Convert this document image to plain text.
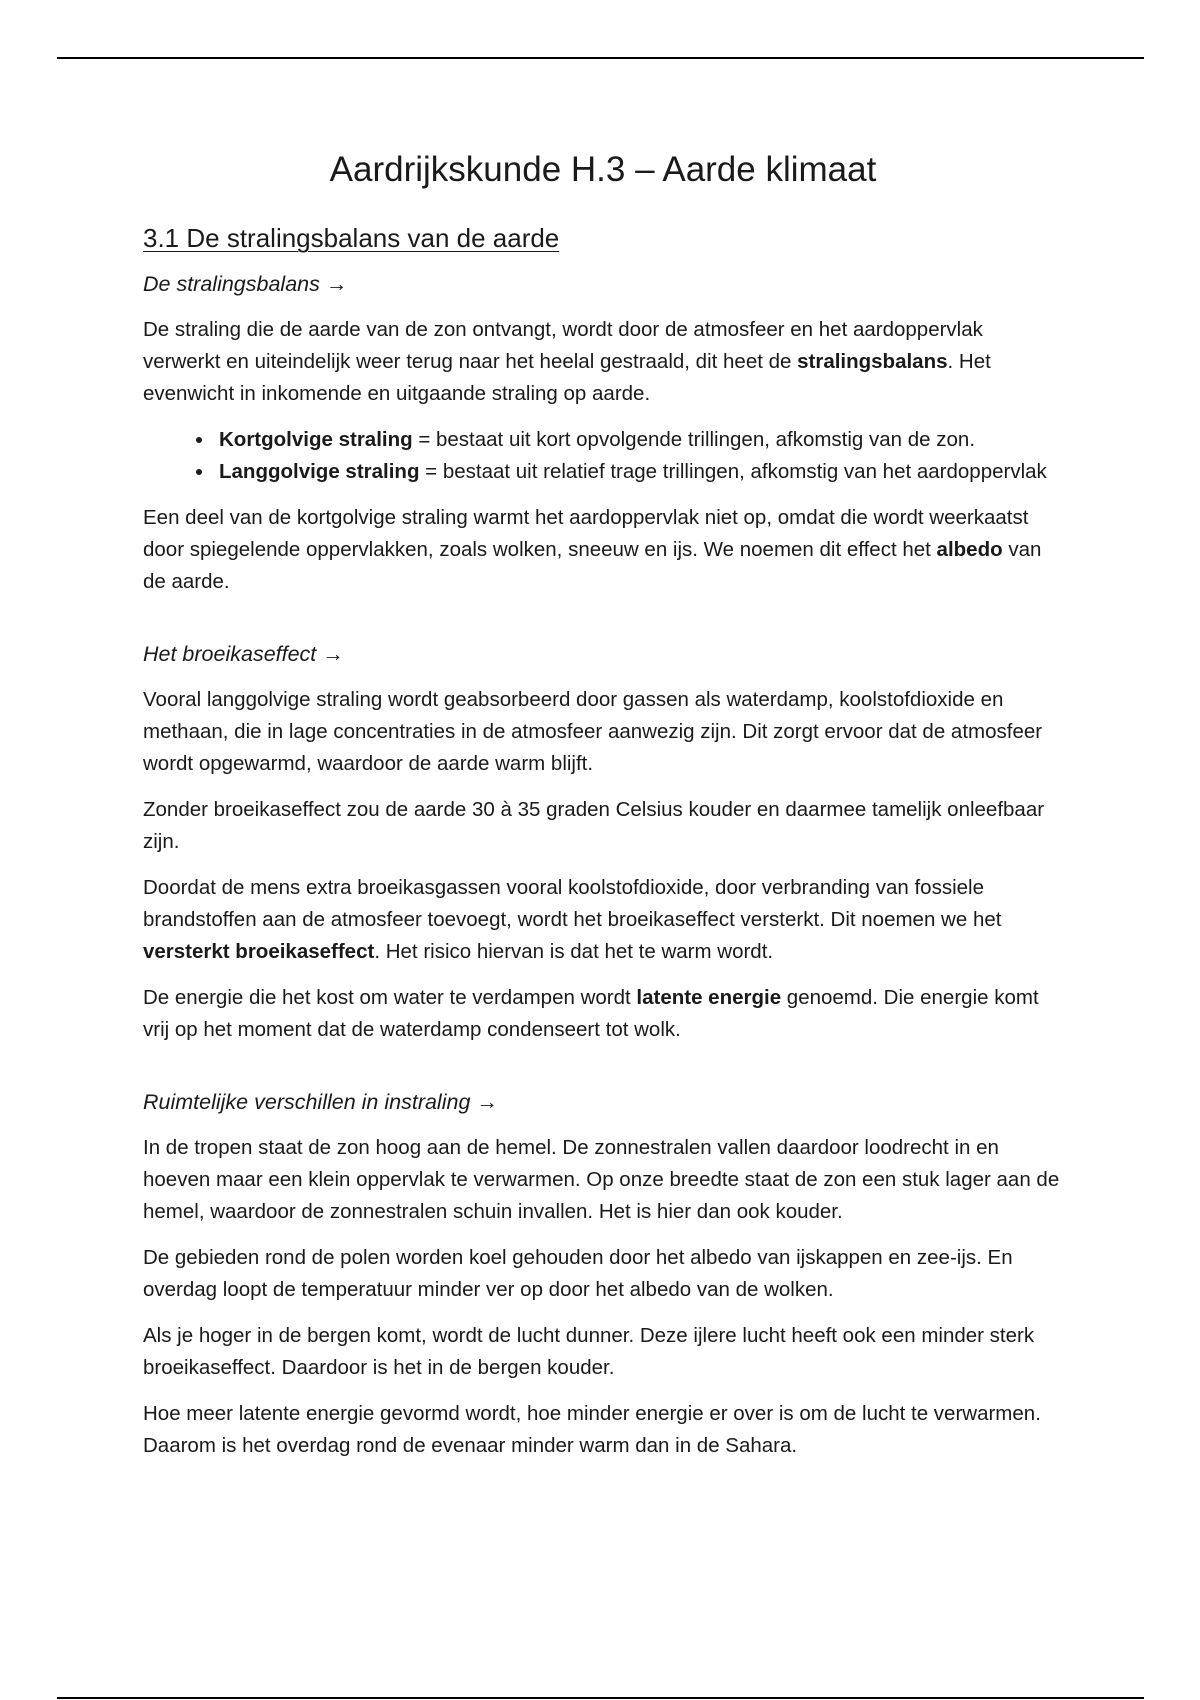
Aardrijkskunde H.3 – Aarde klimaat
3.1 De stralingsbalans van de aarde
De stralingsbalans →

De straling die de aarde van de zon ontvangt, wordt door de atmosfeer en het aardoppervlak verwerkt en uiteindelijk weer terug naar het heelal gestraald, dit heet de stralingsbalans. Het evenwicht in inkomende en uitgaande straling op aarde.

• Kortgolvige straling = bestaat uit kort opvolgende trillingen, afkomstig van de zon.
• Langgolvige straling = bestaat uit relatief trage trillingen, afkomstig van het aardoppervlak

Een deel van de kortgolvige straling warmt het aardoppervlak niet op, omdat die wordt weerkaatst door spiegelende oppervlakken, zoals wolken, sneeuw en ijs. We noemen dit effect het albedo van de aarde.

Het broeikaseffect →

Vooral langgolvige straling wordt geabsorbeerd door gassen als waterdamp, koolstofdioxide en methaan, die in lage concentraties in de atmosfeer aanwezig zijn. Dit zorgt ervoor dat de atmosfeer wordt opgewarmd, waardoor de aarde warm blijft.

Zonder broeikaseffect zou de aarde 30 à 35 graden Celsius kouder en daarmee tamelijk onleefbaar zijn.

Doordat de mens extra broeikasgassen vooral koolstofdioxide, door verbranding van fossiele brandstoffen aan de atmosfeer toevoegt, wordt het broeikaseffect versterkt. Dit noemen we het versterkt broeikaseffect. Het risico hiervan is dat het te warm wordt.

De energie die het kost om water te verdampen wordt latente energie genoemd. Die energie komt vrij op het moment dat de waterdamp condenseert tot wolk.

Ruimtelijke verschillen in instraling →

In de tropen staat de zon hoog aan de hemel. De zonnestralen vallen daardoor loodrecht in en hoeven maar een klein oppervlak te verwarmen. Op onze breedte staat de zon een stuk lager aan de hemel, waardoor de zonnestralen schuin invallen. Het is hier dan ook kouder.

De gebieden rond de polen worden koel gehouden door het albedo van ijskappen en zee-ijs. En overdag loopt de temperatuur minder ver op door het albedo van de wolken.

Als je hoger in de bergen komt, wordt de lucht dunner. Deze ijlere lucht heeft ook een minder sterk broeikaseffect. Daardoor is het in de bergen kouder.

Hoe meer latente energie gevormd wordt, hoe minder energie er over is om de lucht te verwarmen. Daarom is het overdag rond de evenaar minder warm dan in de Sahara.
